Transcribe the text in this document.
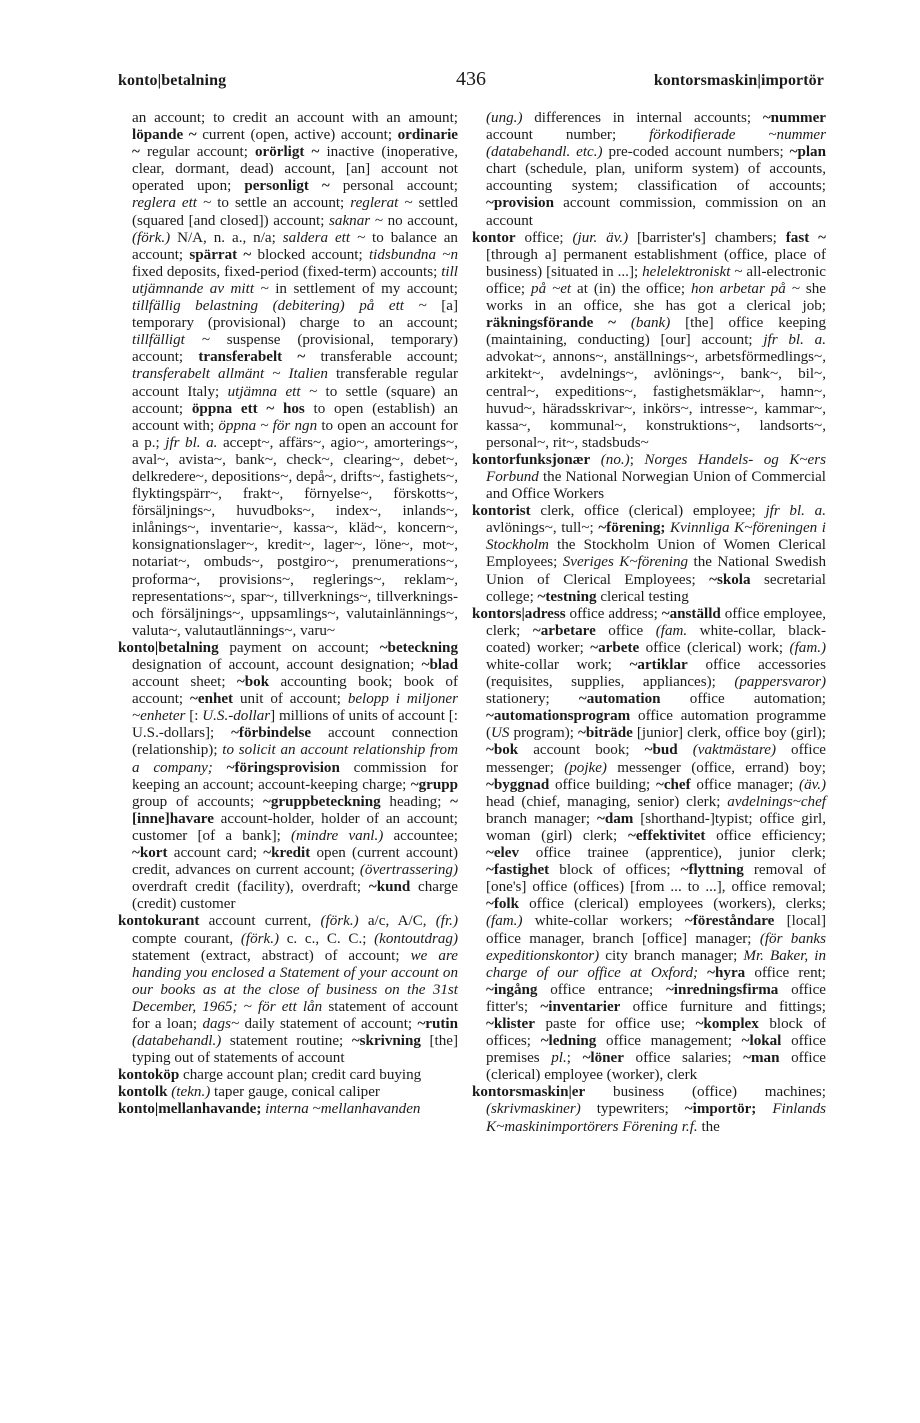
konto|betalning	436	kontorsmaskin|importör

an account; to credit an account with an amount; löpande ~ current (open, active) account; ordinarie ~ regular account; orörligt ~ inactive (inoperative, clear, dormant, dead) account, [an] account not operated upon; personligt ~ personal account; reglera ett ~ to settle an account; reglerat ~ settled (squared [and closed]) account; saknar ~ no account, (förk.) N/A, n. a., n/a; saldera ett ~ to balance an account; spärrat ~ blocked account; tidsbundna ~n fixed deposits, fixed-period (fixed-term) accounts; till utjämnande av mitt ~ in settlement of my account; tillfällig belastning (debitering) på ett ~ [a] temporary (provisional) charge to an account; tillfälligt ~ suspense (provisional, temporary) account; transferabelt ~ transferable account; transferabelt allmänt ~ Italien transferable regular account Italy; utjämna ett ~ to settle (square) an account; öppna ett ~ hos to open (establish) an account with; öppna ~ för ngn to open an account for a p.; jfr bl. a. accept~, affärs~, agio~, amorterings~, aval~, avista~, bank~, check~, clearing~, debet~, delkredere~, depositions~, depå~, drifts~, fastighets~, flyktingspärr~, frakt~, förnyelse~, förskotts~, försäljnings~, huvudboks~, index~, inlands~, inlånings~, inventarie~, kassa~, kläd~, koncern~, konsignationslager~, kredit~, lager~, löne~, mot~, notariat~, ombuds~, postgiro~, prenumerations~, proforma~, provisions~, reglerings~, reklam~, representations~, spar~, tillverknings~, tillverknings- och försäljnings~, uppsamlings~, valutainlännings~, valuta~, valutautlännings~, varu~

konto|betalning payment on account; ~beteckning designation of account, account designation; ~blad account sheet; ~bok accounting book; book of account; ~enhet unit of account; belopp i miljoner ~enheter [: U.S.-dollar] millions of units of account [: U.S.-dollars]; ~förbindelse account connection (relationship); to solicit an account relationship from a company; ~föringsprovision commission for keeping an account; account-keeping charge; ~grupp group of accounts; ~gruppbeteckning heading; ~[inne]havare account-holder, holder of an account; customer [of a bank]; (mindre vanl.) accountee; ~kort account card; ~kredit open (current account) credit, advances on current account; (övertrassering) overdraft credit (facility), overdraft; ~kund charge (credit) customer

kontokurant account current, (förk.) a/c, A/C, (fr.) compte courant, (förk.) c. c., C. C.; (kontoutdrag) statement (extract, abstract) of account; we are handing you enclosed a Statement of your account on our books as at the close of business on the 31st December, 1965; ~ för ett lån statement of account for a loan; dags~ daily statement of account; ~rutin (databehandl.) statement routine; ~skrivning [the] typing out of statements of account

kontoköp charge account plan; credit card buying

kontolk (tekn.) taper gauge, conical caliper

konto|mellanhavande; interna ~mellanhavanden

(ung.) differences in internal accounts; ~nummer account number; förkodifierade ~nummer (databehandl. etc.) pre-coded account numbers; ~plan chart (schedule, plan, uniform system) of accounts, accounting system; classification of accounts; ~provision account commission, commission on an account

kontor office; (jur. äv.) [barrister's] chambers; fast ~ [through a] permanent establishment (office, place of business) [situated in ...]; helelektroniskt ~ all-electronic office; på ~et at (in) the office; hon arbetar på ~ she works in an office, she has got a clerical job; räkningsförande ~ (bank) [the] office keeping (maintaining, conducting) [our] account; jfr bl. a. advokat~, annons~, anställnings~, arbetsförmedlings~, arkitekt~, avdelnings~, avlönings~, bank~, bil~, central~, expeditions~, fastighetsmäklar~, hamn~, huvud~, häradsskrivar~, inkörs~, intresse~, kammar~, kassa~, kommunal~, konstruktions~, landsorts~, personal~, rit~, stadsbuds~

kontorfunksjonær (no.); Norges Handels- og K~ers Forbund the National Norwegian Union of Commercial and Office Workers

kontorist clerk, office (clerical) employee; jfr bl. a. avlönings~, tull~; ~förening; Kvinnliga K~föreningen i Stockholm the Stockholm Union of Women Clerical Employees; Sveriges K~förening the National Swedish Union of Clerical Employees; ~skola secretarial college; ~testning clerical testing

kontors|adress office address; ~anställd office employee, clerk; ~arbetare office (fam. white-collar, black-coated) worker; ~arbete office (clerical) work; (fam.) white-collar work; ~artiklar office accessories (requisites, supplies, appliances); (pappersvaror) stationery; ~automation office automation; ~automationsprogram office automation programme (US program); ~biträde [junior] clerk, office boy (girl); ~bok account book; ~bud (vaktmästare) office messenger; (pojke) messenger (office, errand) boy; ~byggnad office building; ~chef office manager; (äv.) head (chief, managing, senior) clerk; avdelnings~chef branch manager; ~dam [shorthand-]typist; office girl, woman (girl) clerk; ~effektivitet office efficiency; ~elev office trainee (apprentice), junior clerk; ~fastighet block of offices; ~flyttning removal of [one's] office (offices) [from ... to ...], office removal; ~folk office (clerical) employees (workers), clerks; (fam.) white-collar workers; ~föreståndare [local] office manager, branch [office] manager; (för banks expeditionskontor) city branch manager; Mr. Baker, in charge of our office at Oxford; ~hyra office rent; ~ingång office entrance; ~inredningsfirma office fitter's; ~inventarier office furniture and fittings; ~klister paste for office use; ~komplex block of offices; ~ledning office management; ~lokal office premises pl.; ~löner office salaries; ~man office (clerical) employee (worker), clerk

kontorsmaskin|er business (office) machines; (skrivmaskiner) typewriters; ~importör; Finlands K~maskinimportörers Förening r.f. the
